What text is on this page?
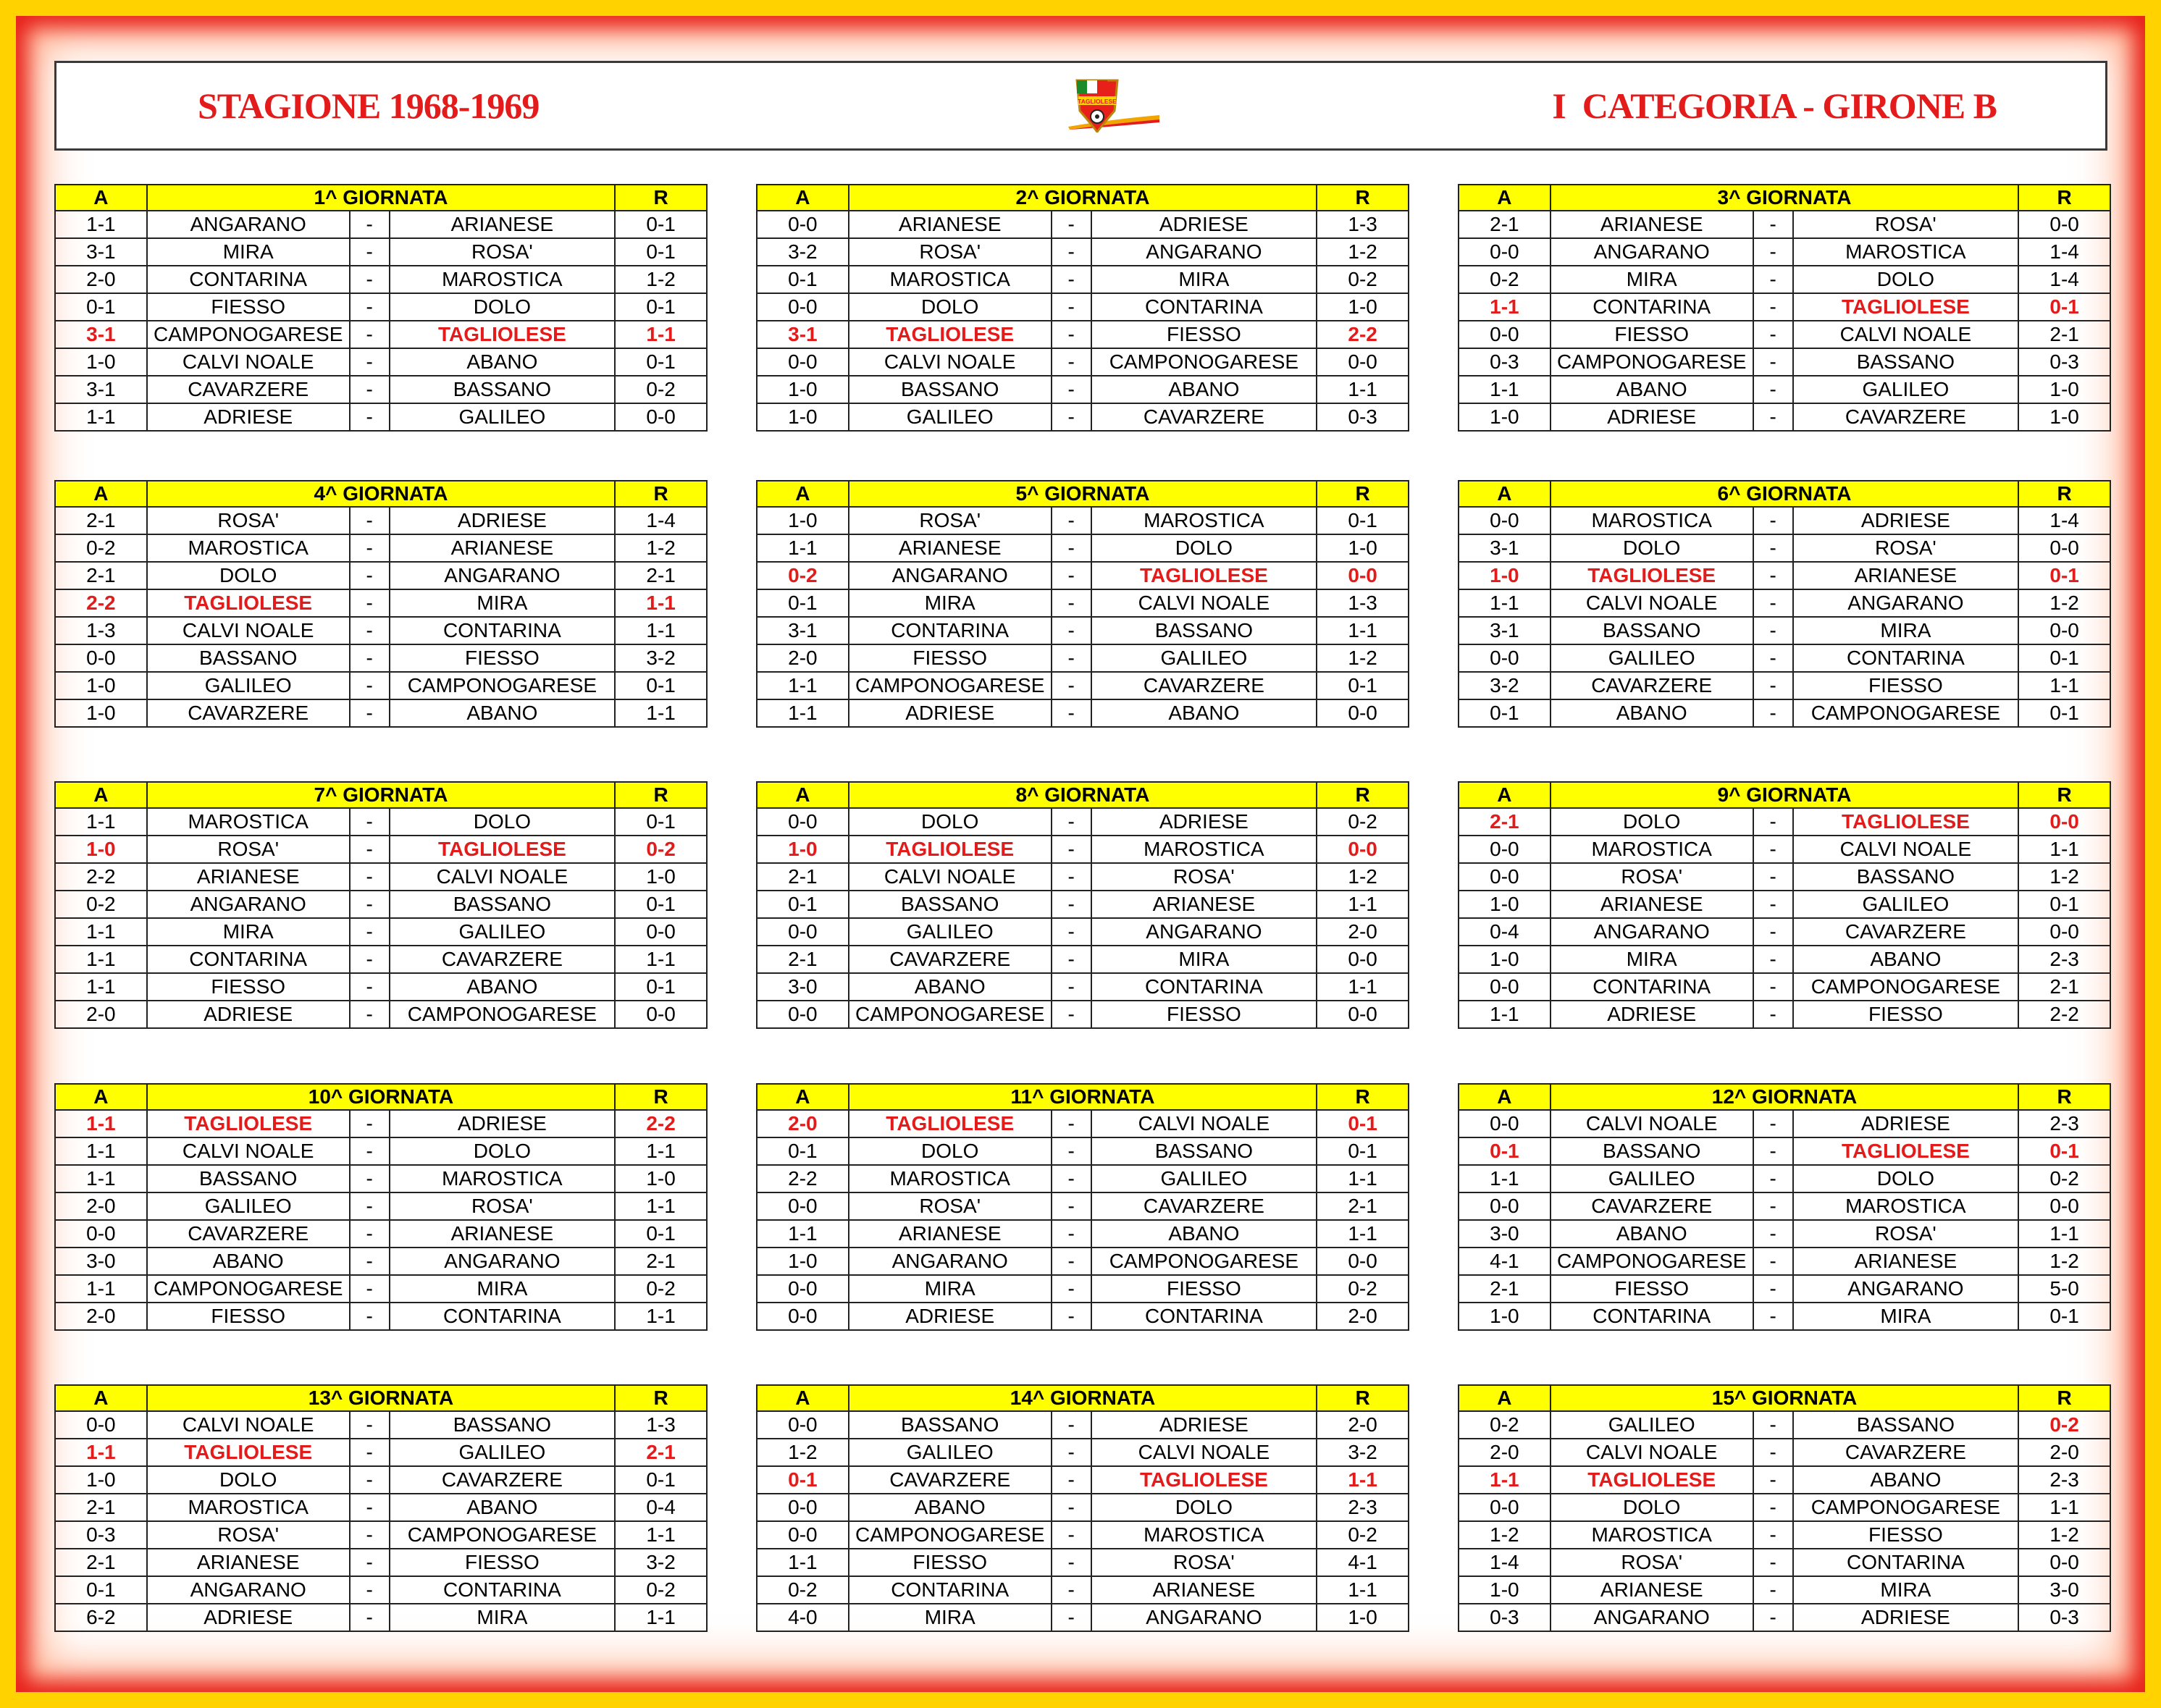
STAGIONE 1968-1969	TAGLIOLESE	I  CATEGORIA - GIRONE B
A	1^ GIORNATA			R
1-1	ANGARANO	-	ARIANESE	0-1
3-1	MIRA	-	ROSA'	0-1
2-0	CONTARINA	-	MAROSTICA	1-2
0-1	FIESSO	-	DOLO	0-1
3-1	CAMPONOGARESE	-	TAGLIOLESE	1-1
1-0	CALVI NOALE	-	ABANO	0-1
3-1	CAVARZERE	-	BASSANO	0-2
1-1	ADRIESE	-	GALILEO	0-0
A	2^ GIORNATA			R
0-0	ARIANESE	-	ADRIESE	1-3
3-2	ROSA'	-	ANGARANO	1-2
0-1	MAROSTICA	-	MIRA	0-2
0-0	DOLO	-	CONTARINA	1-0
3-1	TAGLIOLESE	-	FIESSO	2-2
0-0	CALVI NOALE	-	CAMPONOGARESE	0-0
1-0	BASSANO	-	ABANO	1-1
1-0	GALILEO	-	CAVARZERE	0-3
A	3^ GIORNATA			R
2-1	ARIANESE	-	ROSA'	0-0
0-0	ANGARANO	-	MAROSTICA	1-4
0-2	MIRA	-	DOLO	1-4
1-1	CONTARINA	-	TAGLIOLESE	0-1
0-0	FIESSO	-	CALVI NOALE	2-1
0-3	CAMPONOGARESE	-	BASSANO	0-3
1-1	ABANO	-	GALILEO	1-0
1-0	ADRIESE	-	CAVARZERE	1-0
A	4^ GIORNATA			R
2-1	ROSA'	-	ADRIESE	1-4
0-2	MAROSTICA	-	ARIANESE	1-2
2-1	DOLO	-	ANGARANO	2-1
2-2	TAGLIOLESE	-	MIRA	1-1
1-3	CALVI NOALE	-	CONTARINA	1-1
0-0	BASSANO	-	FIESSO	3-2
1-0	GALILEO	-	CAMPONOGARESE	0-1
1-0	CAVARZERE	-	ABANO	1-1
A	5^ GIORNATA			R
1-0	ROSA'	-	MAROSTICA	0-1
1-1	ARIANESE	-	DOLO	1-0
0-2	ANGARANO	-	TAGLIOLESE	0-0
0-1	MIRA	-	CALVI NOALE	1-3
3-1	CONTARINA	-	BASSANO	1-1
2-0	FIESSO	-	GALILEO	1-2
1-1	CAMPONOGARESE	-	CAVARZERE	0-1
1-1	ADRIESE	-	ABANO	0-0
A	6^ GIORNATA			R
0-0	MAROSTICA	-	ADRIESE	1-4
3-1	DOLO	-	ROSA'	0-0
1-0	TAGLIOLESE	-	ARIANESE	0-1
1-1	CALVI NOALE	-	ANGARANO	1-2
3-1	BASSANO	-	MIRA	0-0
0-0	GALILEO	-	CONTARINA	0-1
3-2	CAVARZERE	-	FIESSO	1-1
0-1	ABANO	-	CAMPONOGARESE	0-1
A	7^ GIORNATA			R
1-1	MAROSTICA	-	DOLO	0-1
1-0	ROSA'	-	TAGLIOLESE	0-2
2-2	ARIANESE	-	CALVI NOALE	1-0
0-2	ANGARANO	-	BASSANO	0-1
1-1	MIRA	-	GALILEO	0-0
1-1	CONTARINA	-	CAVARZERE	1-1
1-1	FIESSO	-	ABANO	0-1
2-0	ADRIESE	-	CAMPONOGARESE	0-0
A	8^ GIORNATA			R
0-0	DOLO	-	ADRIESE	0-2
1-0	TAGLIOLESE	-	MAROSTICA	0-0
2-1	CALVI NOALE	-	ROSA'	1-2
0-1	BASSANO	-	ARIANESE	1-1
0-0	GALILEO	-	ANGARANO	2-0
2-1	CAVARZERE	-	MIRA	0-0
3-0	ABANO	-	CONTARINA	1-1
0-0	CAMPONOGARESE	-	FIESSO	0-0
A	9^ GIORNATA			R
2-1	DOLO	-	TAGLIOLESE	0-0
0-0	MAROSTICA	-	CALVI NOALE	1-1
0-0	ROSA'	-	BASSANO	1-2
1-0	ARIANESE	-	GALILEO	0-1
0-4	ANGARANO	-	CAVARZERE	0-0
1-0	MIRA	-	ABANO	2-3
0-0	CONTARINA	-	CAMPONOGARESE	2-1
1-1	ADRIESE	-	FIESSO	2-2
A	10^ GIORNATA			R
1-1	TAGLIOLESE	-	ADRIESE	2-2
1-1	CALVI NOALE	-	DOLO	1-1
1-1	BASSANO	-	MAROSTICA	1-0
2-0	GALILEO	-	ROSA'	1-1
0-0	CAVARZERE	-	ARIANESE	0-1
3-0	ABANO	-	ANGARANO	2-1
1-1	CAMPONOGARESE	-	MIRA	0-2
2-0	FIESSO	-	CONTARINA	1-1
A	11^ GIORNATA			R
2-0	TAGLIOLESE	-	CALVI NOALE	0-1
0-1	DOLO	-	BASSANO	0-1
2-2	MAROSTICA	-	GALILEO	1-1
0-0	ROSA'	-	CAVARZERE	2-1
1-1	ARIANESE	-	ABANO	1-1
1-0	ANGARANO	-	CAMPONOGARESE	0-0
0-0	MIRA	-	FIESSO	0-2
0-0	ADRIESE	-	CONTARINA	2-0
A	12^ GIORNATA			R
0-0	CALVI NOALE	-	ADRIESE	2-3
0-1	BASSANO	-	TAGLIOLESE	0-1
1-1	GALILEO	-	DOLO	0-2
0-0	CAVARZERE	-	MAROSTICA	0-0
3-0	ABANO	-	ROSA'	1-1
4-1	CAMPONOGARESE	-	ARIANESE	1-2
2-1	FIESSO	-	ANGARANO	5-0
1-0	CONTARINA	-	MIRA	0-1
A	13^ GIORNATA			R
0-0	CALVI NOALE	-	BASSANO	1-3
1-1	TAGLIOLESE	-	GALILEO	2-1
1-0	DOLO	-	CAVARZERE	0-1
2-1	MAROSTICA	-	ABANO	0-4
0-3	ROSA'	-	CAMPONOGARESE	1-1
2-1	ARIANESE	-	FIESSO	3-2
0-1	ANGARANO	-	CONTARINA	0-2
6-2	ADRIESE	-	MIRA	1-1
A	14^ GIORNATA			R
0-0	BASSANO	-	ADRIESE	2-0
1-2	GALILEO	-	CALVI NOALE	3-2
0-1	CAVARZERE	-	TAGLIOLESE	1-1
0-0	ABANO	-	DOLO	2-3
0-0	CAMPONOGARESE	-	MAROSTICA	0-2
1-1	FIESSO	-	ROSA'	4-1
0-2	CONTARINA	-	ARIANESE	1-1
4-0	MIRA	-	ANGARANO	1-0
A	15^ GIORNATA			R
0-2	GALILEO	-	BASSANO	0-2
2-0	CALVI NOALE	-	CAVARZERE	2-0
1-1	TAGLIOLESE	-	ABANO	2-3
0-0	DOLO	-	CAMPONOGARESE	1-1
1-2	MAROSTICA	-	FIESSO	1-2
1-4	ROSA'	-	CONTARINA	0-0
1-0	ARIANESE	-	MIRA	3-0
0-3	ANGARANO	-	ADRIESE	0-3
